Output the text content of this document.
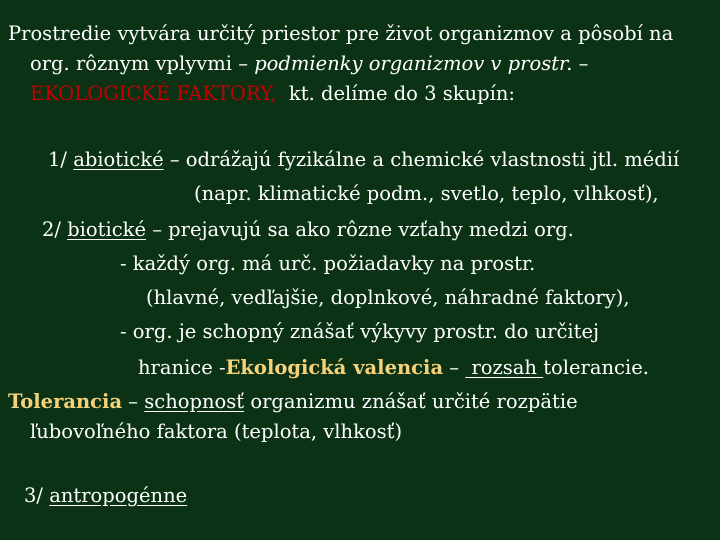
Prostredie vytvára určitý priestor pre život organizmov a pôsobí na
org. rôznym vplyvmi – podmienky organizmov v prostr. –
EKOLOGICKÉ FAKTORY,  kt. delíme do 3 skupín:
1/ abiotické – odrážajú fyzikálne a chemické vlastnosti jtl. médií
(napr. klimatické podm., svetlo, teplo, vlhkosť),
2/ biotické – prejavujú sa ako rôzne vzťahy medzi org.
- každý org. má urč. požiadavky na prostr.
(hlavné, vedľajšie, doplnkové, náhradné faktory),
- org. je schopný znášať výkyvy prostr. do určitej
hranice -Ekologická valencia –  rozsah tolerancie.
Tolerancia – schopnosť organizmu znášať určité rozpätie
ľubovoľného faktora (teplota, vlhkosť)
3/ antropogénne
